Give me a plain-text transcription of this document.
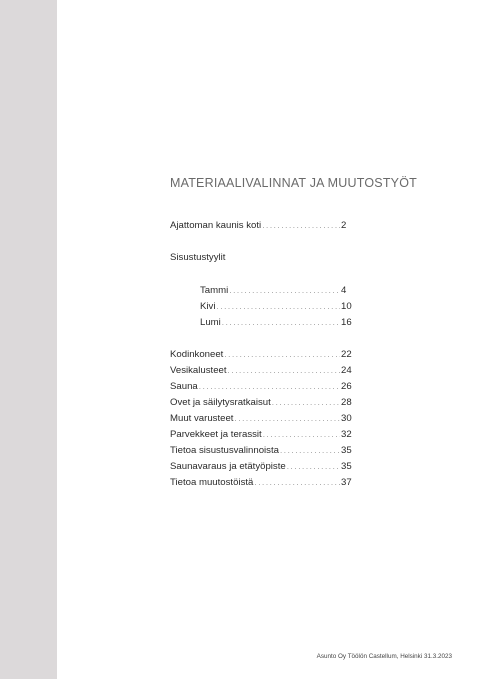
MATERIAALIVALINNAT JA MUUTOSTYÖT
Ajattoman kaunis koti .....	2
Sisustustyylit
Tammi .....	4
Kivi .....	10
Lumi .....	16
Kodinkoneet .....	22
Vesikalusteet .....	24
Sauna .....	26
Ovet ja säilytysratkaisut .....	28
Muut varusteet .....	30
Parvekkeet ja terassit .....	32
Tietoa sisustusvalinnoista .....	35
Saunavaraus ja etätyöpiste .....	35
Tietoa muutostöistä .....	37
Asunto Oy Töölön Castellum, Helsinki 31.3.2023
